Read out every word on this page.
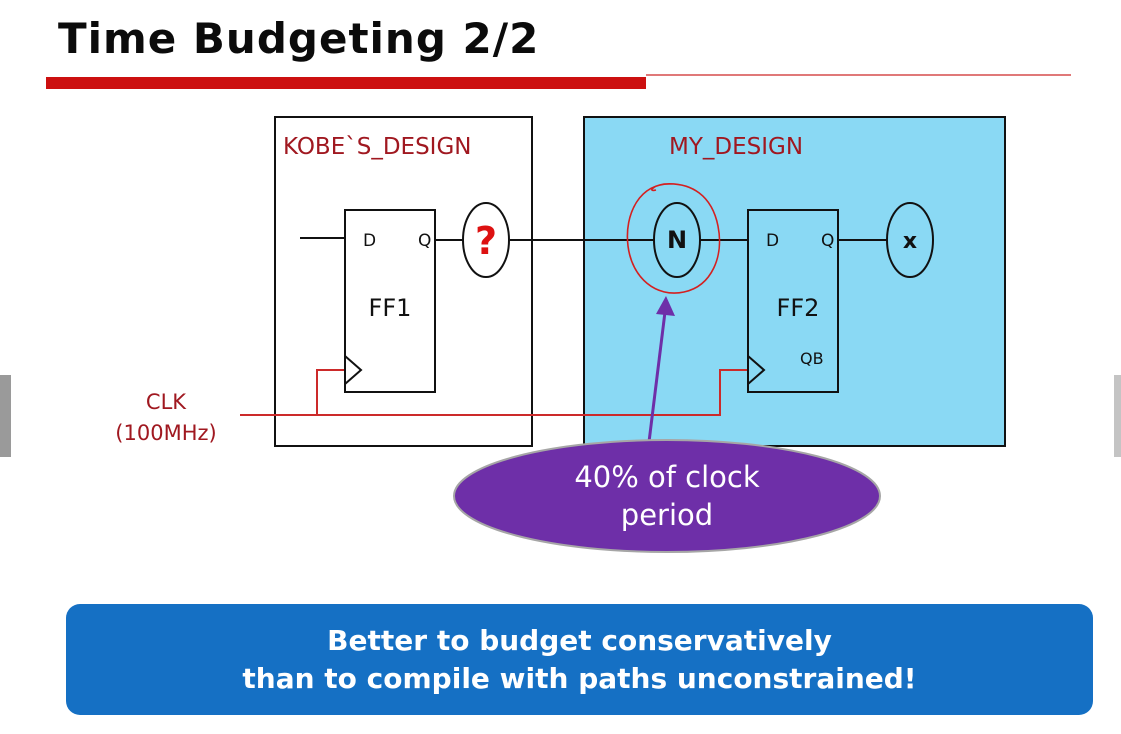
Time Budgeting 2/2
KOBE`S_DESIGN	MY_DESIGN
D Q
FF1
D Q
FF2
QB
?	N	x
CLK
(100MHz)
40% of clock
period
Better to budget conservatively
than to compile with paths unconstrained!
